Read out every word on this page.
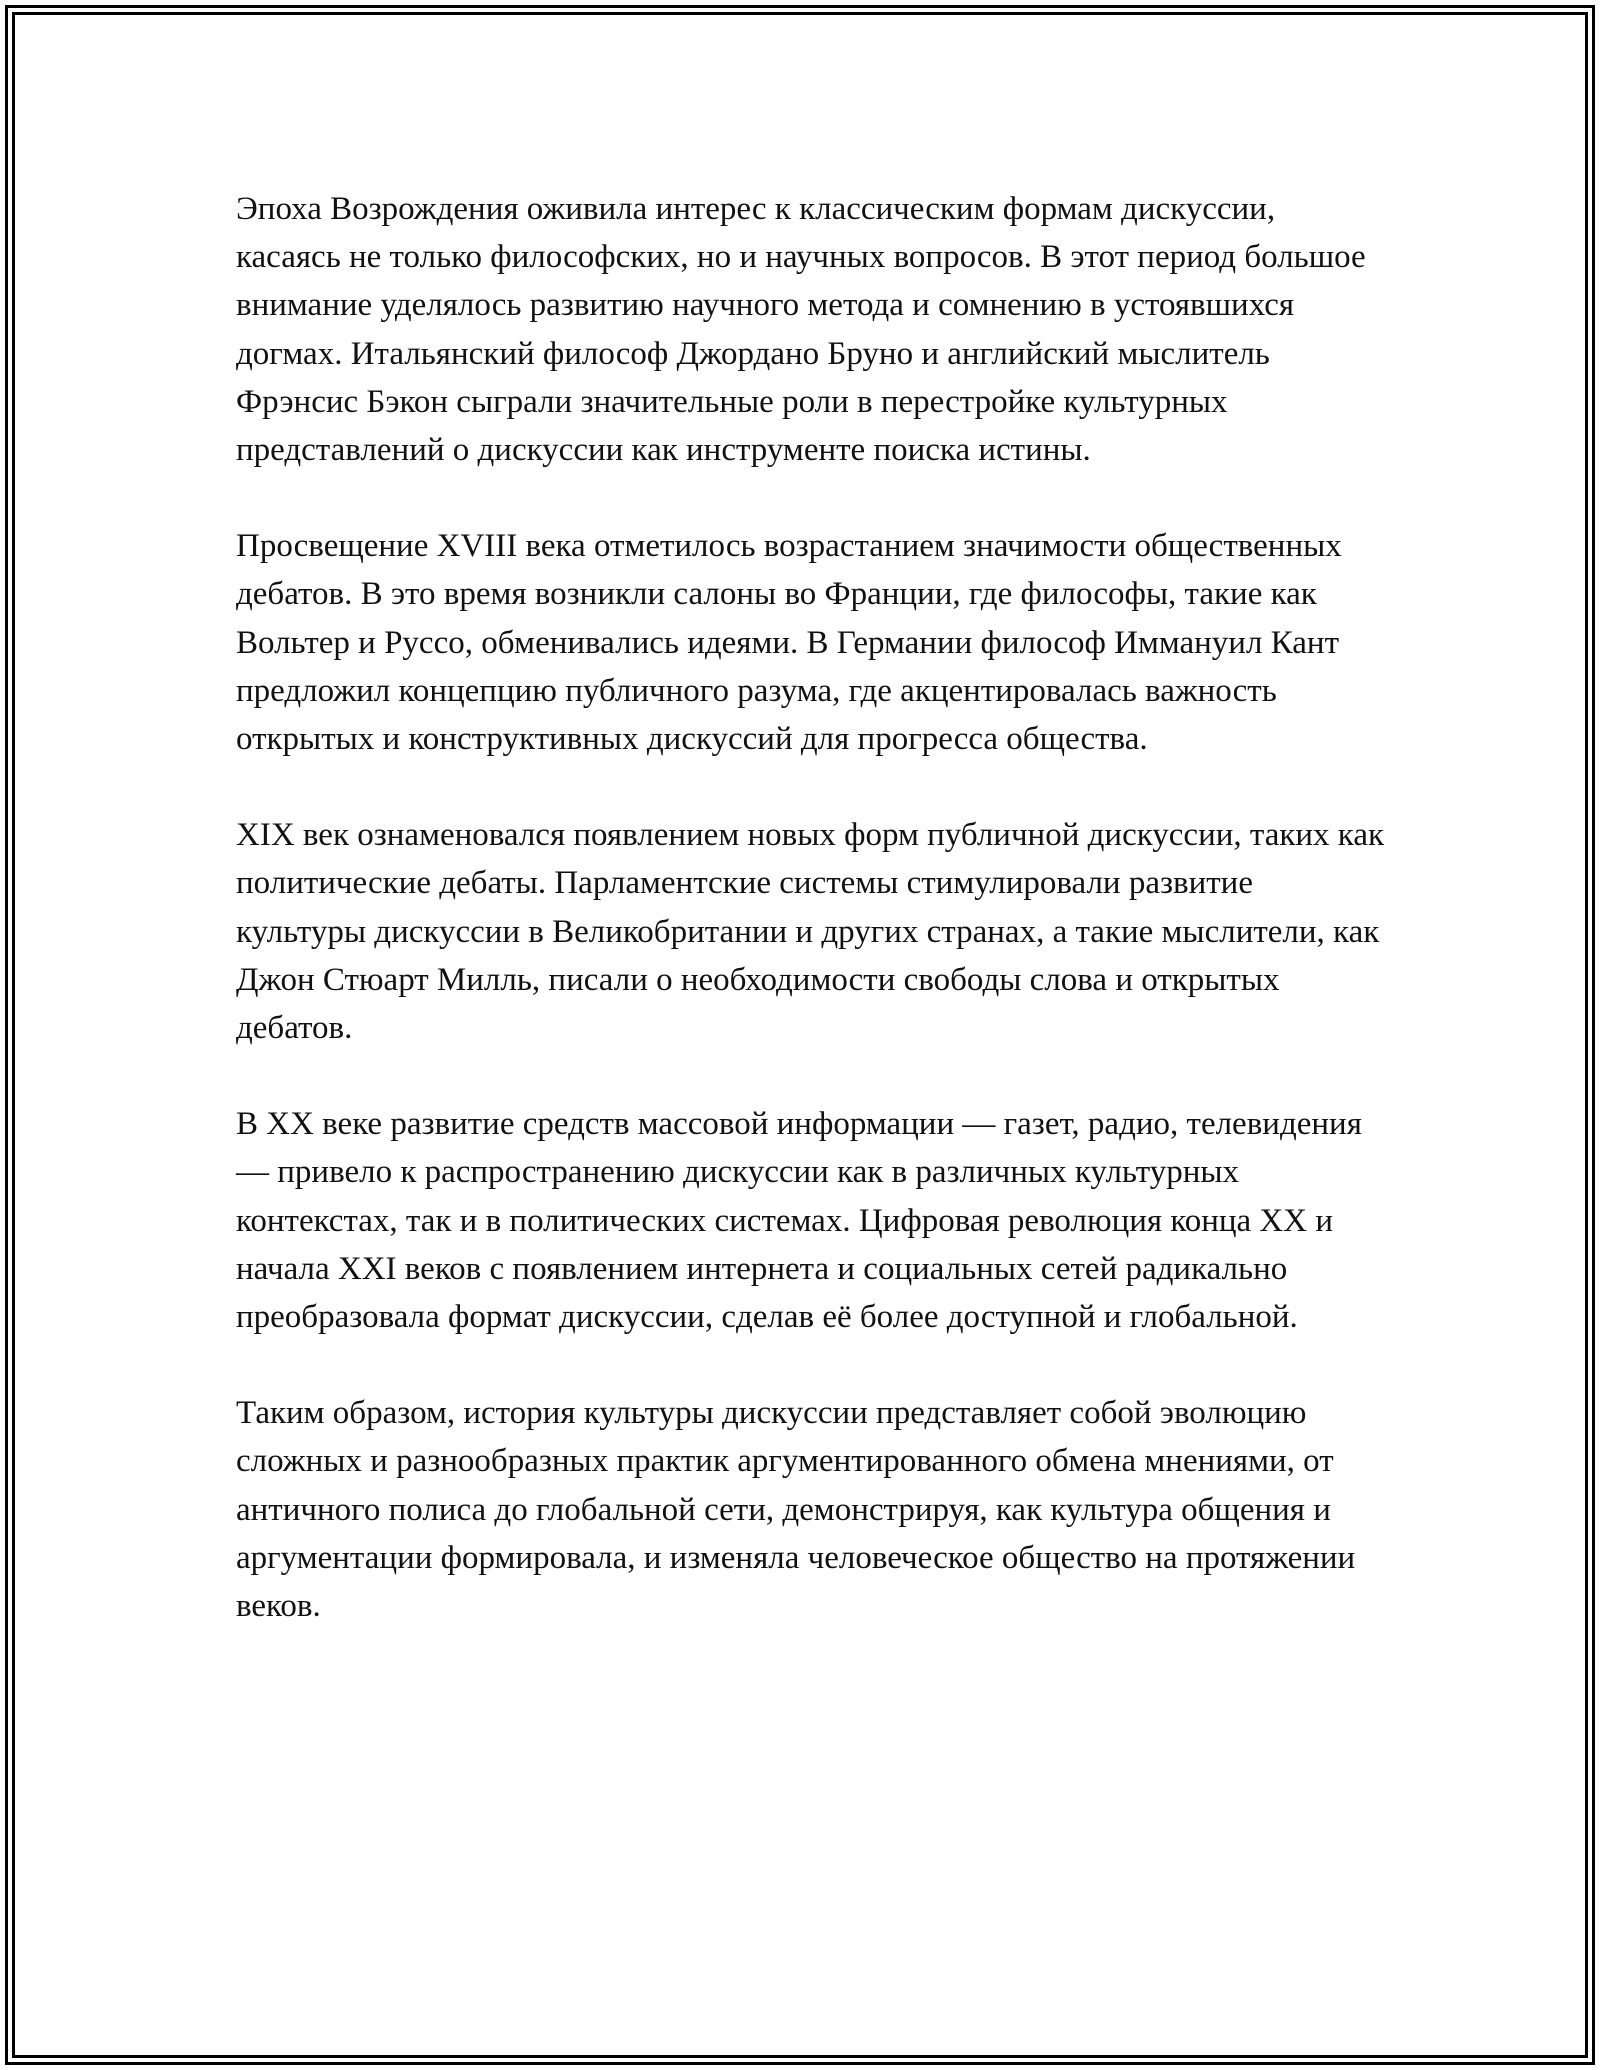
Эпоха Возрождения оживила интерес к классическим формам дискуссии, касаясь не только философских, но и научных вопросов. В этот период большое внимание уделялось развитию научного метода и сомнению в устоявшихся догмах. Итальянский философ Джордано Бруно и английский мыслитель Фрэнсис Бэкон сыграли значительные роли в перестройке культурных представлений о дискуссии как инструменте поиска истины.

Просвещение XVIII века отметилось возрастанием значимости общественных дебатов. В это время возникли салоны во Франции, где философы, такие как Вольтер и Руссо, обменивались идеями. В Германии философ Иммануил Кант предложил концепцию публичного разума, где акцентировалась важность открытых и конструктивных дискуссий для прогресса общества.

XIX век ознаменовался появлением новых форм публичной дискуссии, таких как политические дебаты. Парламентские системы стимулировали развитие культуры дискуссии в Великобритании и других странах, а такие мыслители, как Джон Стюарт Милль, писали о необходимости свободы слова и открытых дебатов.

В XX веке развитие средств массовой информации — газет, радио, телевидения — привело к распространению дискуссии как в различных культурных контекстах, так и в политических системах. Цифровая революция конца XX и начала XXI веков с появлением интернета и социальных сетей радикально преобразовала формат дискуссии, сделав её более доступной и глобальной.

Таким образом, история культуры дискуссии представляет собой эволюцию сложных и разнообразных практик аргументированного обмена мнениями, от античного полиса до глобальной сети, демонстрируя, как культура общения и аргументации формировала, и изменяла человеческое общество на протяжении веков.
